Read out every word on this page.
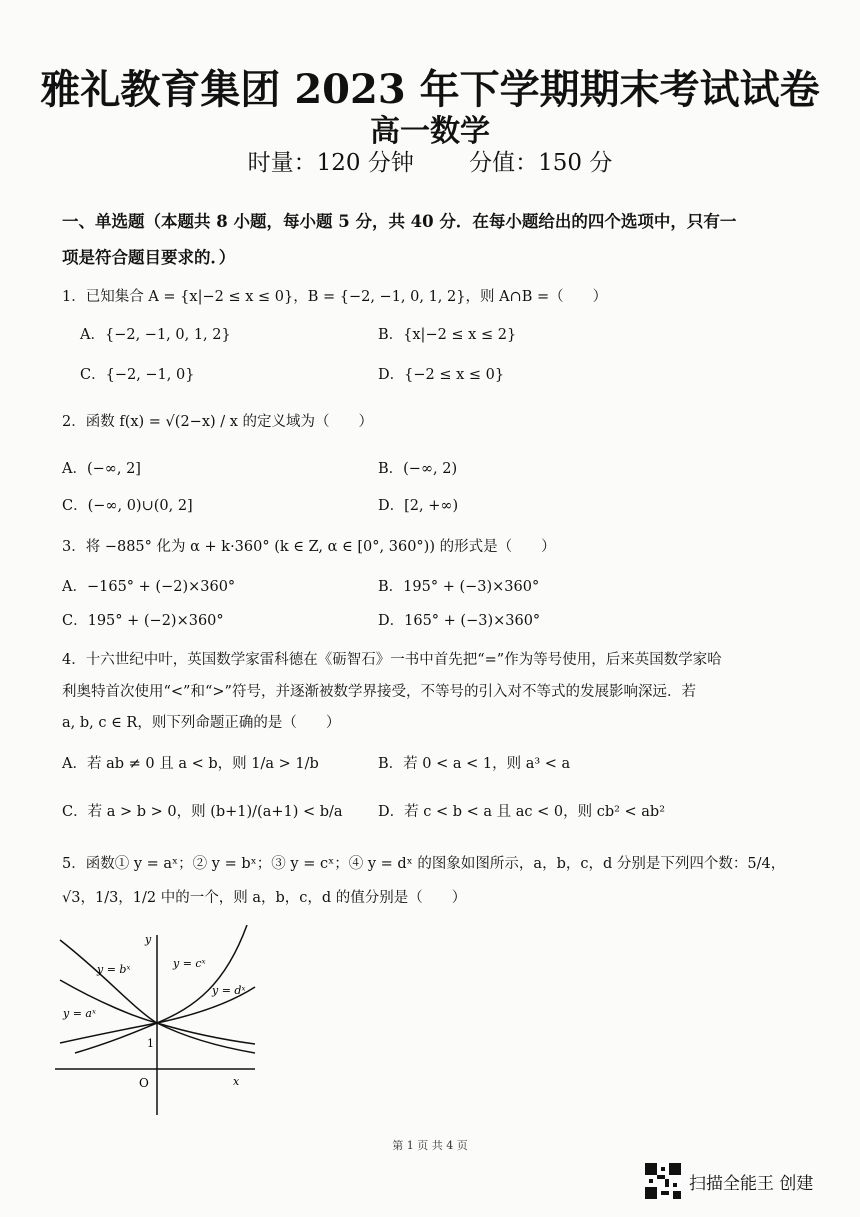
雅礼教育集团 2023 年下学期期末考试试卷
高一数学
时量：120 分钟 分值：150 分
一、单选题（本题共 8 小题，每小题 5 分，共 40 分．在每小题给出的四个选项中，只有一
项是符合题目要求的．）
1．已知集合 A = {x|−2 ≤ x ≤ 0}，B = {−2, −1, 0, 1, 2}，则 A∩B =（　　）
A．{−2, −1, 0, 1, 2}	B．{x|−2 ≤ x ≤ 2}
C．{−2, −1, 0}	D．{−2 ≤ x ≤ 0}
2．函数 f(x) = √(2−x) / x 的定义域为（　　）
A．(−∞, 2]	B．(−∞, 2)
C．(−∞, 0)∪(0, 2]	D．[2, +∞)
3．将 −885° 化为 α + k·360° (k ∈ Z, α ∈ [0°, 360°)) 的形式是（　　）
A．−165° + (−2)×360°	B．195° + (−3)×360°
C．195° + (−2)×360°	D．165° + (−3)×360°
4．十六世纪中叶，英国数学家雷科德在《砺智石》一书中首先把“=”作为等号使用，后来英国数学家哈
利奥特首次使用“<”和“>”符号，并逐渐被数学界接受，不等号的引入对不等式的发展影响深远．若
a, b, c ∈ R，则下列命题正确的是（　　）
A．若 ab ≠ 0 且 a < b，则 1/a > 1/b	B．若 0 < a < 1，则 a³ < a
C．若 a > b > 0，则 (b+1)/(a+1) < b/a D．若 c < b < a 且 ac < 0，则 cb² < ab²
5．函数① y = aˣ；② y = bˣ；③ y = cˣ；④ y = dˣ 的图象如图所示，a，b，c，d 分别是下列四个数：5/4，
√3，1/3，1/2 中的一个，则 a，b，c，d 的值分别是（　　）
y
x
O
1
y = bˣ	y = cˣ
y = dˣ
y = aˣ
第 1 页 共 4 页
扫描全能王 创建
